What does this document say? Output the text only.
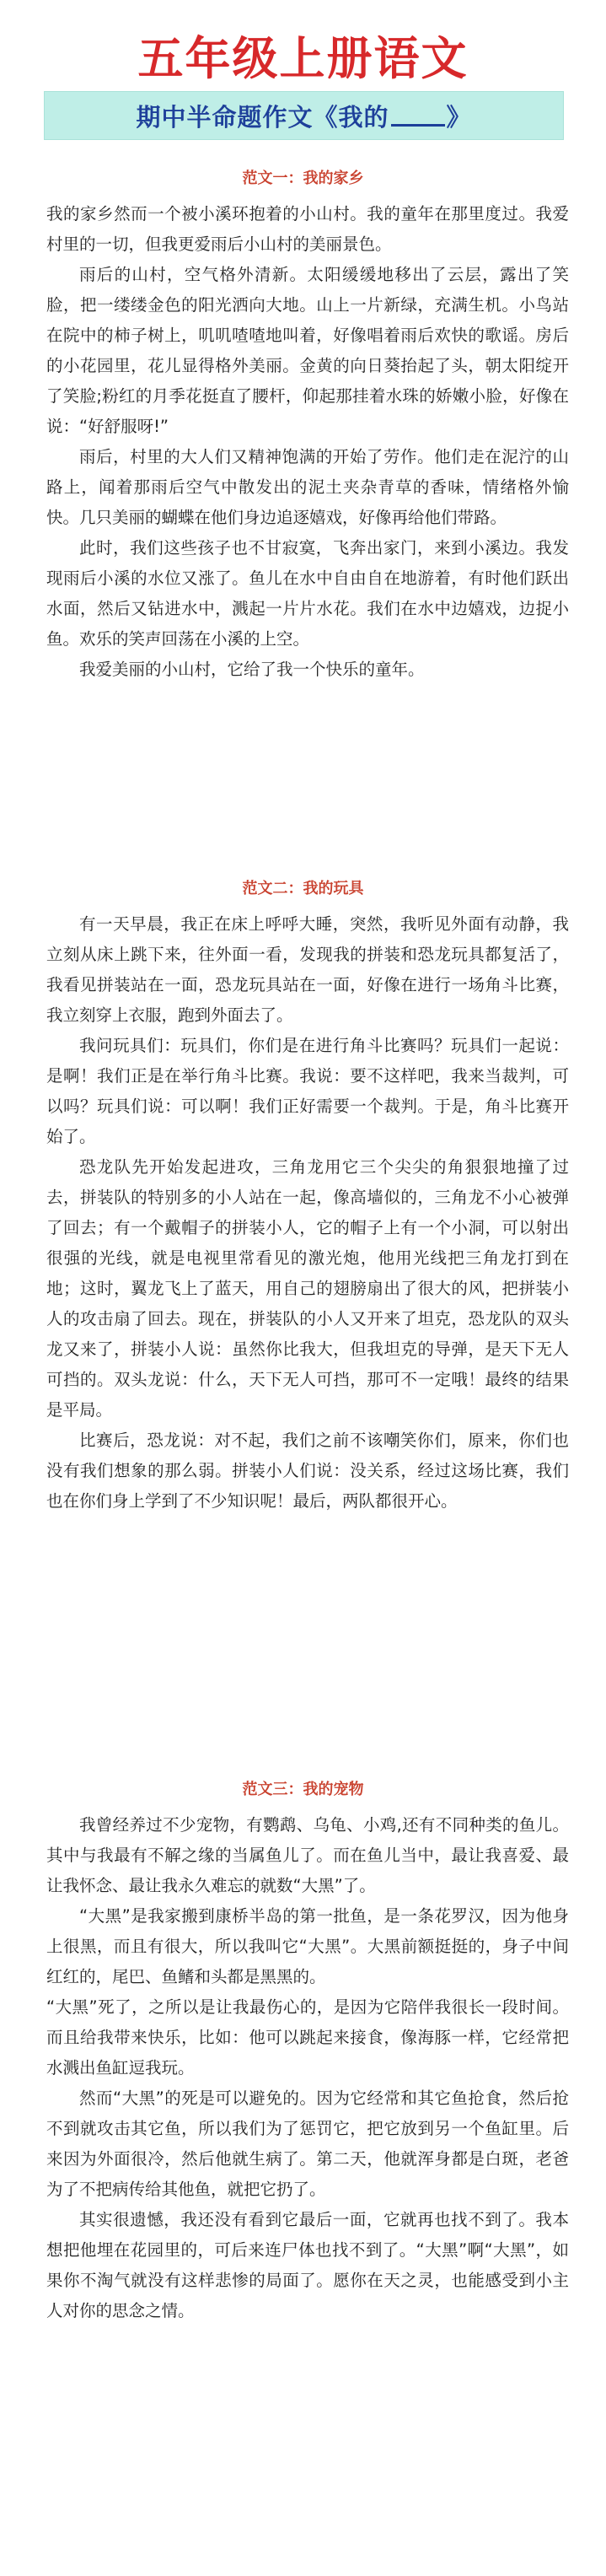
五年级上册语文
期中半命题作文《我的 》
范文一：我的家乡

我的家乡然而一个被小溪环抱着的小山村。我的童年在那里度过。我爱村里的一切，但我更爱雨后小山村的美丽景色。

雨后的山村，空气格外清新。太阳缓缓地移出了云层，露出了笑脸，把一缕缕金色的阳光洒向大地。山上一片新绿，充满生机。小鸟站在院中的柿子树上，叽叽喳喳地叫着，好像唱着雨后欢快的歌谣。房后的小花园里，花儿显得格外美丽。金黄的向日葵抬起了头，朝太阳绽开了笑脸;粉红的月季花挺直了腰杆，仰起那挂着水珠的娇嫩小脸，好像在说：“好舒服呀!”

雨后，村里的大人们又精神饱满的开始了劳作。他们走在泥泞的山路上，闻着那雨后空气中散发出的泥土夹杂青草的香味，情绪格外愉快。几只美丽的蝴蝶在他们身边追逐嬉戏，好像再给他们带路。

此时，我们这些孩子也不甘寂寞，飞奔出家门，来到小溪边。我发现雨后小溪的水位又涨了。鱼儿在水中自由自在地游着，有时他们跃出水面，然后又钻进水中，溅起一片片水花。我们在水中边嬉戏，边捉小鱼。欢乐的笑声回荡在小溪的上空。

我爱美丽的小山村，它给了我一个快乐的童年。

范文二：我的玩具

有一天早晨，我正在床上呼呼大睡，突然，我听见外面有动静，我立刻从床上跳下来，往外面一看，发现我的拼装和恐龙玩具都复活了，我看见拼装站在一面，恐龙玩具站在一面，好像在进行一场角斗比赛，我立刻穿上衣服，跑到外面去了。

我问玩具们：玩具们，你们是在进行角斗比赛吗？玩具们一起说：是啊！我们正是在举行角斗比赛。我说：要不这样吧，我来当裁判，可以吗？玩具们说：可以啊！我们正好需要一个裁判。于是，角斗比赛开始了。

恐龙队先开始发起进攻，三角龙用它三个尖尖的角狠狠地撞了过去，拼装队的特别多的小人站在一起，像高墙似的，三角龙不小心被弹了回去；有一个戴帽子的拼装小人，它的帽子上有一个小洞，可以射出很强的光线，就是电视里常看见的激光炮，他用光线把三角龙打到在地；这时，翼龙飞上了蓝天，用自己的翅膀扇出了很大的风，把拼装小人的攻击扇了回去。现在，拼装队的小人又开来了坦克，恐龙队的双头龙又来了，拼装小人说：虽然你比我大，但我坦克的导弹，是天下无人可挡的。双头龙说：什么，天下无人可挡，那可不一定哦！最终的结果是平局。

比赛后，恐龙说：对不起，我们之前不该嘲笑你们，原来，你们也没有我们想象的那么弱。拼装小人们说：没关系，经过这场比赛，我们也在你们身上学到了不少知识呢！最后，两队都很开心。

范文三：我的宠物

我曾经养过不少宠物，有鹦鹉、乌龟、小鸡,还有不同种类的鱼儿。其中与我最有不解之缘的当属鱼儿了。而在鱼儿当中，最让我喜爱、最让我怀念、最让我永久难忘的就数“大黑”了。

“大黑”是我家搬到康桥半岛的第一批鱼，是一条花罗汉，因为他身上很黑，而且有很大，所以我叫它“大黑”。大黑前额挺挺的，身子中间红红的，尾巴、鱼鳍和头都是黑黑的。

“大黑”死了，之所以是让我最伤心的，是因为它陪伴我很长一段时间。而且给我带来快乐，比如：他可以跳起来接食，像海豚一样，它经常把水溅出鱼缸逗我玩。

然而“大黑”的死是可以避免的。因为它经常和其它鱼抢食，然后抢不到就攻击其它鱼，所以我们为了惩罚它，把它放到另一个鱼缸里。后来因为外面很冷，然后他就生病了。第二天，他就浑身都是白斑，老爸为了不把病传给其他鱼，就把它扔了。

其实很遗憾，我还没有看到它最后一面，它就再也找不到了。我本想把他埋在花园里的，可后来连尸体也找不到了。“大黑”啊“大黑”，如果你不淘气就没有这样悲惨的局面了。愿你在天之灵，也能感受到小主人对你的思念之情。
